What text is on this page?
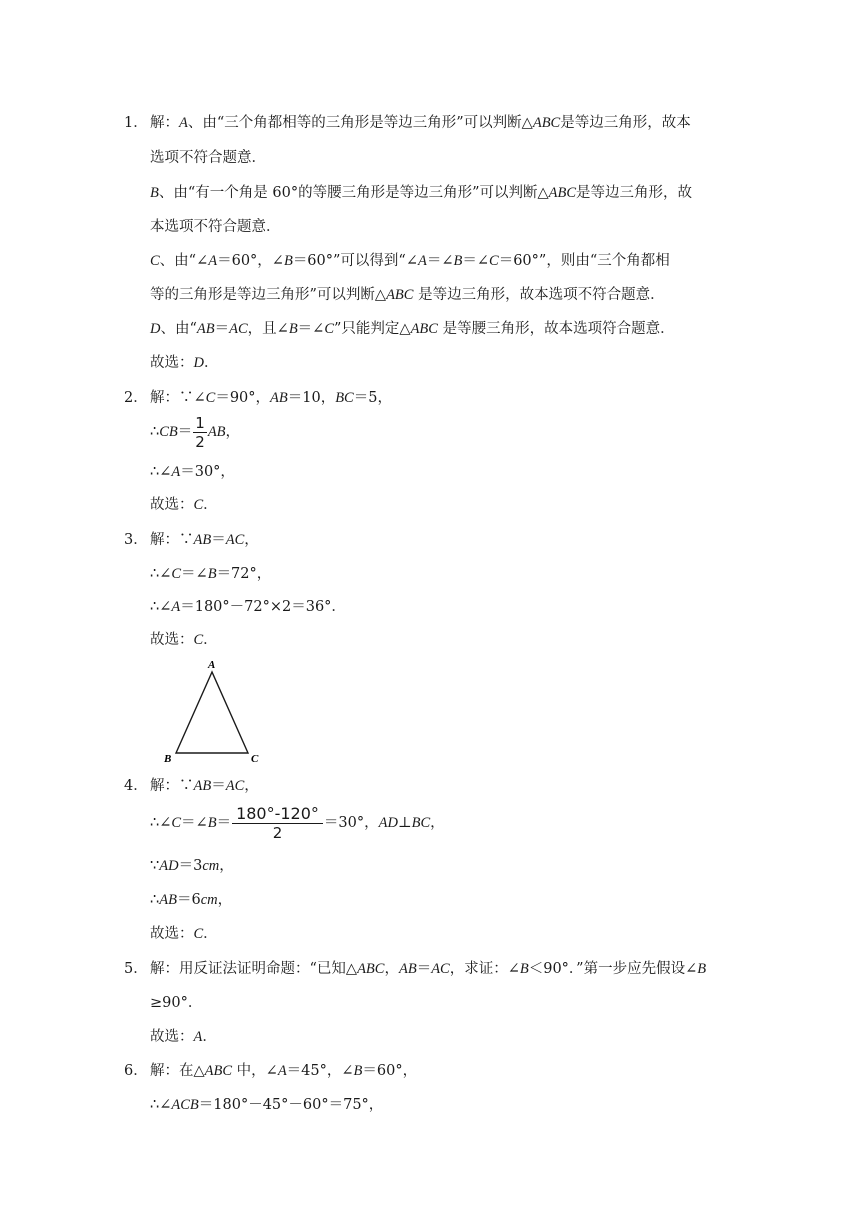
1． 解：A、由“三个角都相等的三角形是等边三角形”可以判断△ABC是等边三角形，故本
选项不符合题意．
B、由“有一个角是 60°的等腰三角形是等边三角形”可以判断△ABC是等边三角形，故
本选项不符合题意．
C、由“∠A＝60°，∠B＝60°”可以得到“∠A＝∠B＝∠C＝60°”，则由“三个角都相
等的三角形是等边三角形”可以判断△ABC 是等边三角形，故本选项不符合题意．
D、由“AB＝AC，且∠B＝∠C”只能判定△ABC 是等腰三角形，故本选项符合题意．
故选：D．
2． 解：∵∠C＝90°，AB＝10，BC＝5，
∴CB＝ $\frac{1}{2}$ AB，
∴∠A＝30°，
故选：C．
3． 解：∵AB＝AC，
∴∠C＝∠B＝72°，
∴∠A＝180°－72°×2＝36°．
故选：C．
A
B	C
4． 解：∵AB＝AC，
∴∠C＝∠B＝ $\frac{180^\circ-120^\circ}{2} =30^\circ$，AD⊥BC，
∵AD＝3cm，
∴AB＝6cm，
故选：C．
5． 解：用反证法证明命题：“已知△ABC，AB＝AC，求证：∠B＜90°．”第一步应先假设∠B
≥90°．
故选：A．
6． 解：在△ABC 中，∠A＝45°，∠B＝60°，
∴∠ACB＝180°－45°－60°＝75°，
